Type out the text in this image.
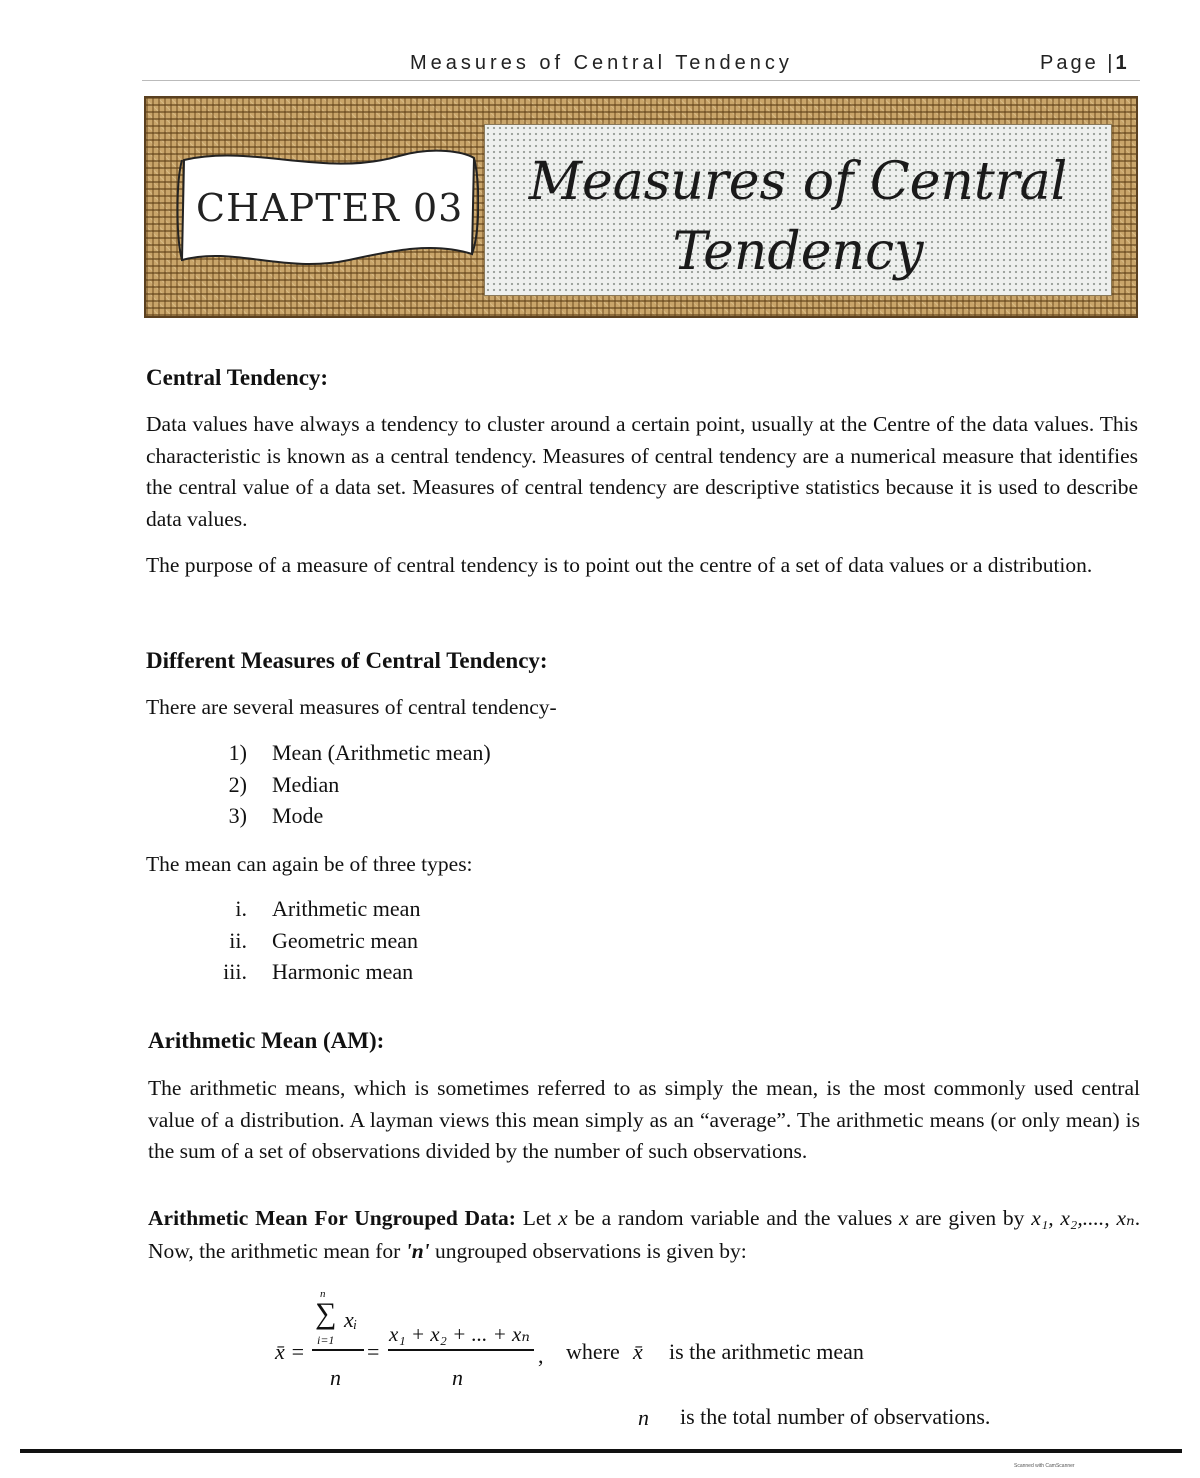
Measures of Central Tendency	Page |1
CHAPTER 03	Measures of Central
Tendency
Central Tendency:
Data values have always a tendency to cluster around a certain point, usually at the Centre of the data values. This characteristic is known as a central tendency. Measures of central tendency are a numerical measure that identifies the central value of a data set. Measures of central tendency are descriptive statistics because it is used to describe data values.
The purpose of a measure of central tendency is to point out the centre of a set of data values or a distribution.
Different Measures of Central Tendency:
There are several measures of central tendency-
1) Mean (Arithmetic mean)
2) Median
3) Mode
The mean can again be of three types:
i. Arithmetic mean
ii. Geometric mean
iii. Harmonic mean
Arithmetic Mean (AM):
The arithmetic means, which is sometimes referred to as simply the mean, is the most commonly used central value of a distribution. A layman views this mean simply as an “average”. The arithmetic means (or only mean) is the sum of a set of observations divided by the number of such observations.
Arithmetic Mean For Ungrouped Data: Let x be a random variable and the values x are given by x₁, x₂,...., xₙ. Now, the arithmetic mean for 'n' ungrouped observations is given by:
x̄ =
n
∑ xᵢ
i=1
n
=
x₁ + x₂ + ... + xₙ
n
, where x̄ is the arithmetic mean
n is the total number of observations.
Scanned with CamScanner
